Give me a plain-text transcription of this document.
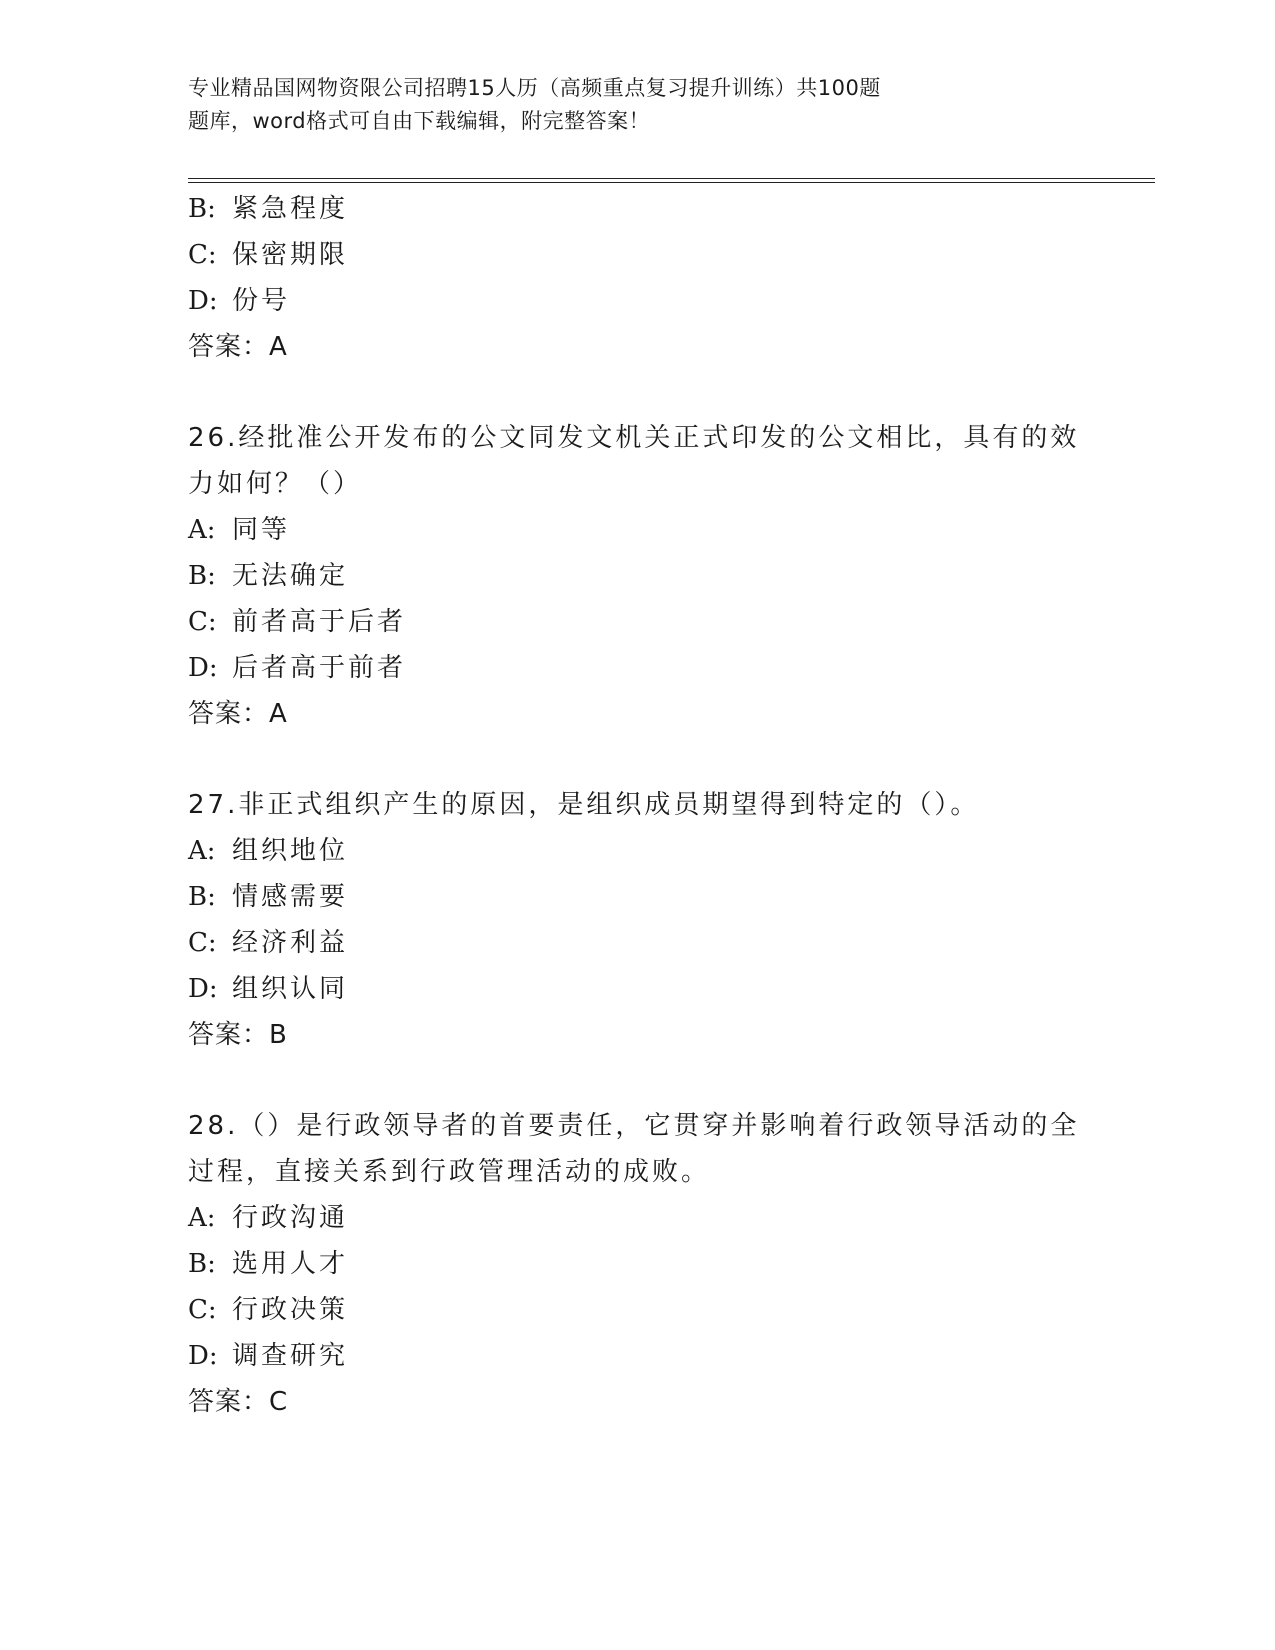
专业精品国网物资限公司招聘15人历（高频重点复习提升训练）共100题
题库，word格式可自由下载编辑，附完整答案！
B: 紧急程度
C: 保密期限
D: 份号
答案：A
26.经批准公开发布的公文同发文机关正式印发的公文相比，具有的效力如何？（）
A: 同等
B: 无法确定
C: 前者高于后者
D: 后者高于前者
答案：A
27.非正式组织产生的原因，是组织成员期望得到特定的（）。
A: 组织地位
B: 情感需要
C: 经济利益
D: 组织认同
答案：B
28.（）是行政领导者的首要责任，它贯穿并影响着行政领导活动的全过程，直接关系到行政管理活动的成败。
A: 行政沟通
B: 选用人才
C: 行政决策
D: 调查研究
答案：C
